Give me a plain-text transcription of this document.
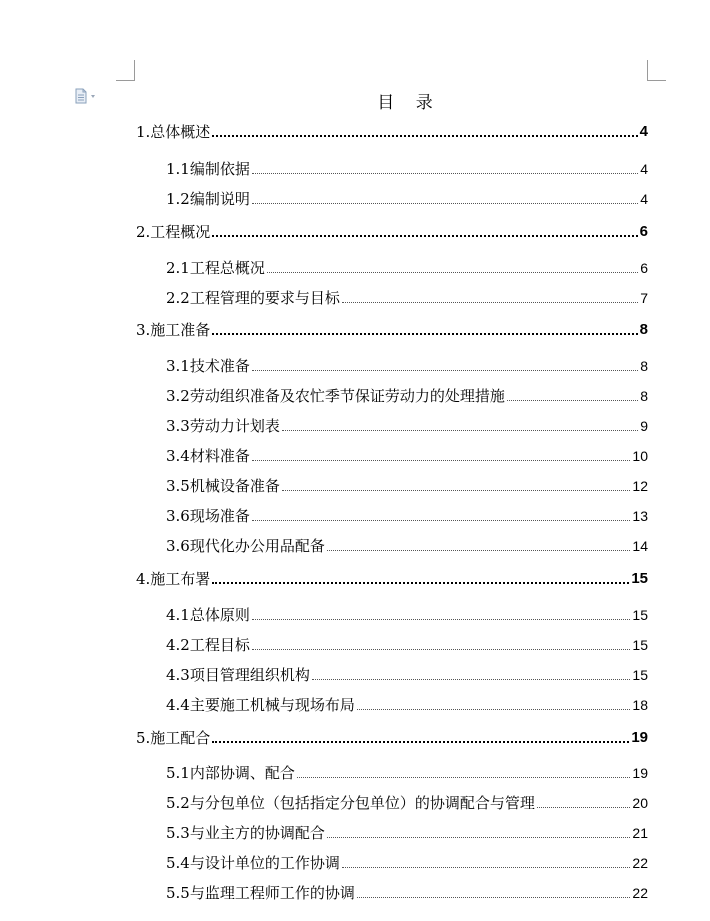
目    录
1.总体概述	4
1.1编制依据	4
1.2编制说明	4
2.工程概况	6
2.1工程总概况	6
2.2工程管理的要求与目标	7
3.施工准备	8
3.1技术准备	8
3.2劳动组织准备及农忙季节保证劳动力的处理措施	8
3.3劳动力计划表	9
3.4材料准备	10
3.5机械设备准备	12
3.6现场准备	13
3.6现代化办公用品配备	14
4.施工布署	15
4.1总体原则	15
4.2工程目标	15
4.3项目管理组织机构	15
4.4主要施工机械与现场布局	18
5.施工配合	19
5.1内部协调、配合	19
5.2与分包单位（包括指定分包单位）的协调配合与管理	20
5.3与业主方的协调配合	21
5.4与设计单位的工作协调	22
5.5与监理工程师工作的协调	22
